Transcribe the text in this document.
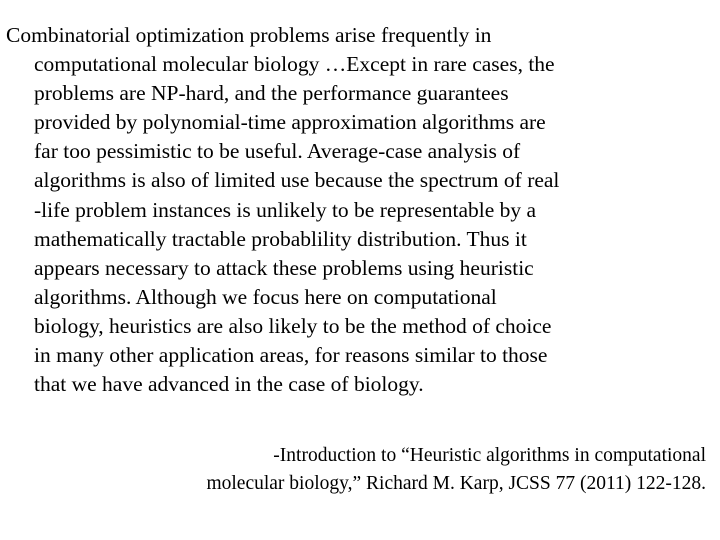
Combinatorial optimization problems arise frequently in
computational molecular biology …Except in rare cases, the
problems are NP-hard, and the performance guarantees
provided by polynomial-time approximation algorithms are
far too pessimistic to be useful. Average-case analysis of
algorithms is also of limited use because the spectrum of real
-life problem instances is unlikely to be representable by a
mathematically tractable probablility distribution. Thus it
appears necessary to attack these problems using heuristic
algorithms. Although we focus here on computational
biology, heuristics are also likely to be the method of choice
in many other application areas, for reasons similar to those
that we have advanced in the case of biology.

-Introduction to “Heuristic algorithms in computational
molecular biology,” Richard M. Karp, JCSS 77 (2011) 122-128.
